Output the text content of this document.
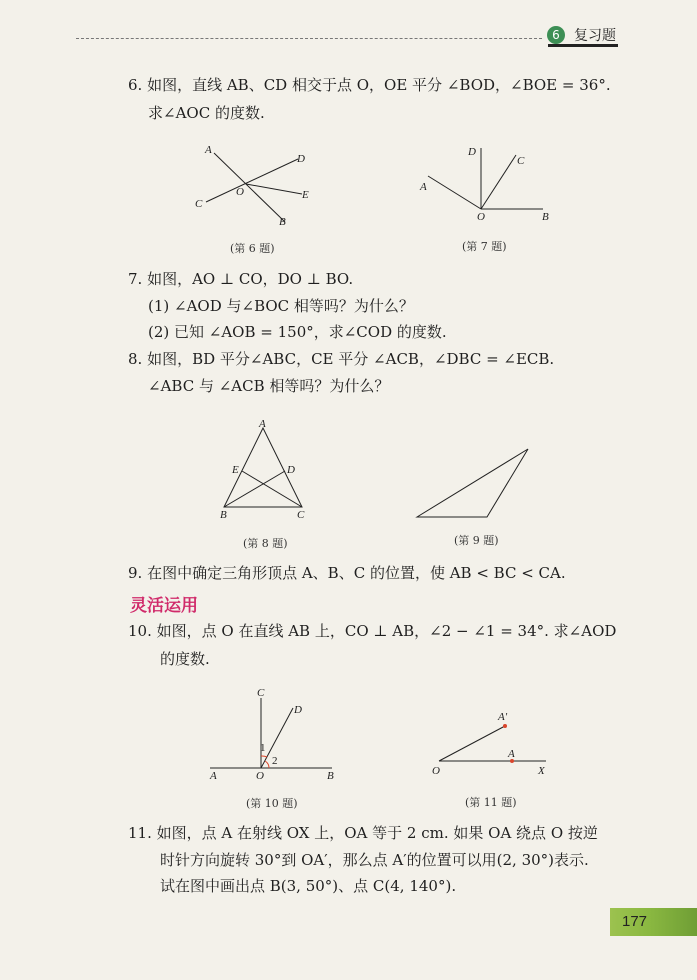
6	复习题
6. 如图，直线 AB、CD 相交于点 O，OE 平分 ∠BOD，∠BOE = 36°.
求∠AOC 的度数.
A
C
O
B
D
E
(第 6 题)
A
D
C
O	B
(第 7 题)
7. 如图，AO ⊥ CO，DO ⊥ BO.
(1) ∠AOD 与∠BOC 相等吗？为什么？
(2) 已知 ∠AOB = 150°，求∠COD 的度数.
8. 如图，BD 平分∠ABC，CE 平分 ∠ACB，∠DBC = ∠ECB.
∠ABC 与 ∠ACB 相等吗？为什么？
A
E	D
B	C
(第 8 题)	(第 9 题)
9. 在图中确定三角形顶点 A、B、C 的位置，使 AB < BC < CA.
灵活运用
10. 如图，点 O 在直线 AB 上，CO ⊥ AB，∠2 − ∠1 = 34°. 求∠AOD
的度数.
C
D
1
2
A	O	B
(第 10 题)
A′
A
O	X
(第 11 题)
11. 如图，点 A 在射线 OX 上，OA 等于 2 cm. 如果 OA 绕点 O 按逆
时针方向旋转 30°到 OA′，那么点 A′的位置可以用(2, 30°)表示.
试在图中画出点 B(3, 50°)、点 C(4, 140°).
177
